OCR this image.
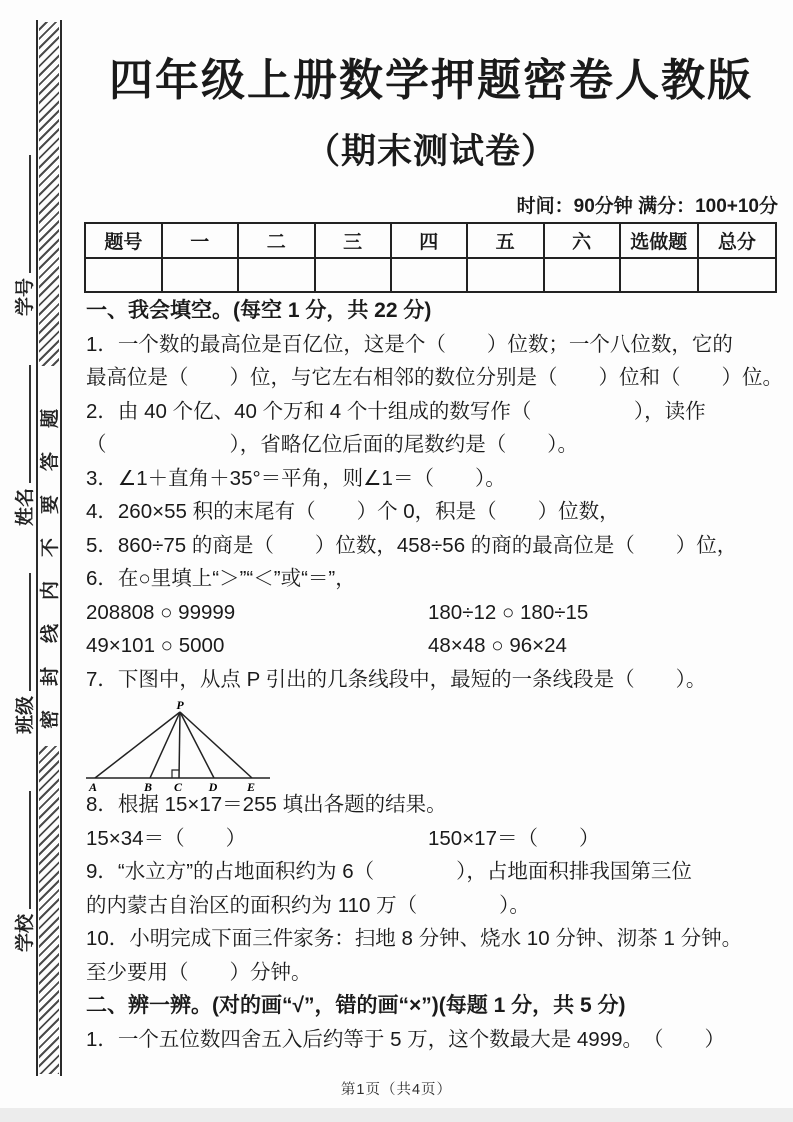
密封线内不要答题
学号
姓名
班级
学校
四年级上册数学押题密卷人教版
（期末测试卷）
时间：90分钟 满分：100+10分
题号	一	二	三	四	五	六	选做题	总分

一、我会填空。(每空 1 分，共 22 分)
1．一个数的最高位是百亿位，这是个（　　）位数；一个八位数，它的
最高位是（　　）位，与它左右相邻的数位分别是（　　）位和（　　）位。
2．由 40 个亿、40 个万和 4 个十组成的数写作（　　　　　），读作
（　　　　　　），省略亿位后面的尾数约是（　　）。
3．∠1＋直角＋35°＝平角，则∠1＝（　　）。
4．260×55 积的末尾有（　　）个 0，积是（　　）位数，
5．860÷75 的商是（　　）位数，458÷56 的商的最高位是（　　）位，
6．在○里填上“＞”“＜”或“＝”，
208808 ○ 99999	180÷12 ○ 180÷15
49×101 ○ 5000	48×48 ○ 96×24
7．下图中，从点 P 引出的几条线段中，最短的一条线段是（　　）。
P
A	B C D E
8．根据 15×17＝255 填出各题的结果。
15×34＝（　　）	150×17＝（　　）
9．“水立方”的占地面积约为 6（　　　　），占地面积排我国第三位
的内蒙古自治区的面积约为 110 万（　　　　）。
10．小明完成下面三件家务：扫地 8 分钟、烧水 10 分钟、沏茶 1 分钟。
至少要用（　　）分钟。
二、辨一辨。(对的画“√”，错的画“×”)(每题 1 分，共 5 分)
1．一个五位数四舍五入后约等于 5 万，这个数最大是 4999。　（　　）
第1页（共4页）
